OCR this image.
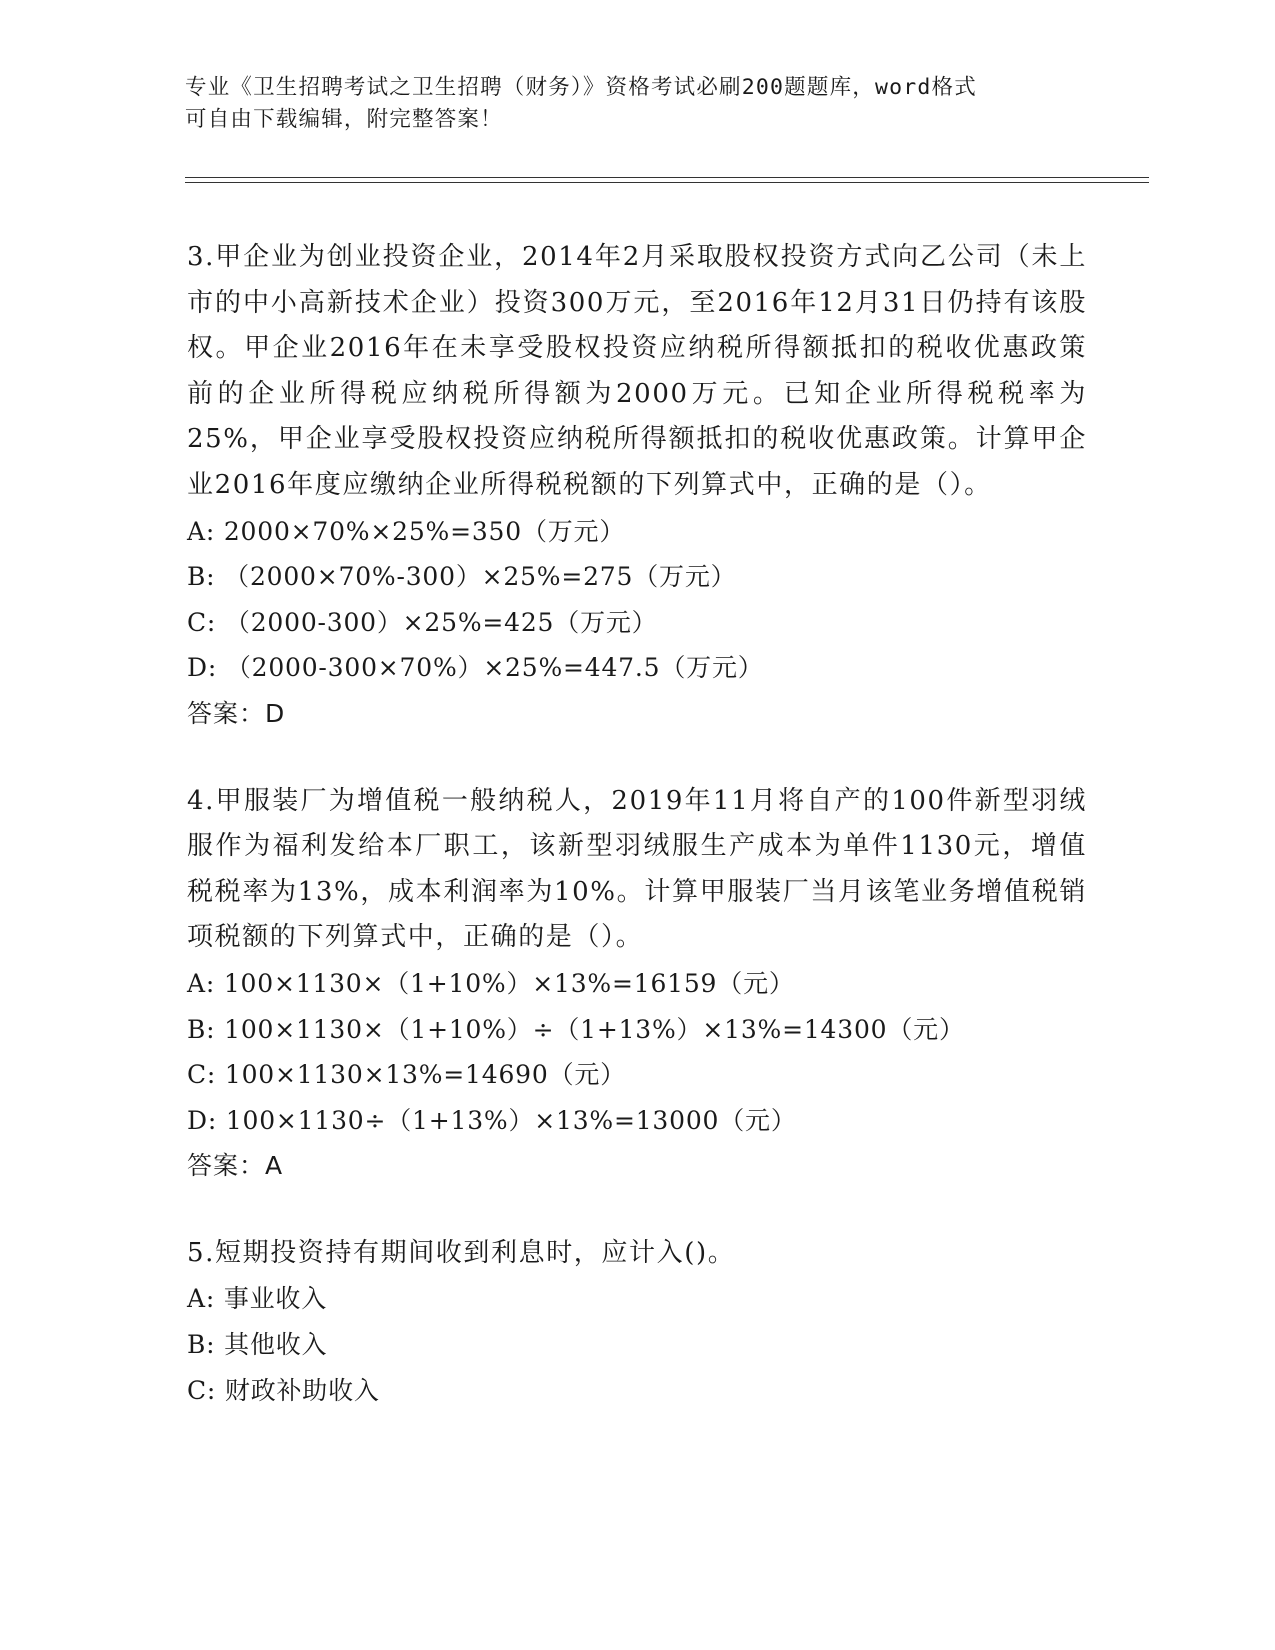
专业《卫生招聘考试之卫生招聘（财务）》资格考试必刷200题题库，word格式
可自由下载编辑，附完整答案！
3.甲企业为创业投资企业，2014年2月采取股权投资方式向乙公司（未上市的中小高新技术企业）投资300万元，至2016年12月31日仍持有该股权。甲企业2016年在未享受股权投资应纳税所得额抵扣的税收优惠政策前的企业所得税应纳税所得额为2000万元。已知企业所得税税率为25%，甲企业享受股权投资应纳税所得额抵扣的税收优惠政策。计算甲企业2016年度应缴纳企业所得税税额的下列算式中，正确的是（）。
A: 2000×70%×25%=350（万元）
B: （2000×70%-300）×25%=275（万元）
C: （2000-300）×25%=425（万元）
D: （2000-300×70%）×25%=447.5（万元）
答案：D
4.甲服装厂为增值税一般纳税人，2019年11月将自产的100件新型羽绒服作为福利发给本厂职工，该新型羽绒服生产成本为单件1130元，增值税税率为13%，成本利润率为10%。计算甲服装厂当月该笔业务增值税销项税额的下列算式中，正确的是（）。
A: 100×1130×（1+10%）×13%=16159（元）
B: 100×1130×（1+10%）÷（1+13%）×13%=14300（元）
C: 100×1130×13%=14690（元）
D: 100×1130÷（1+13%）×13%=13000（元）
答案：A
5.短期投资持有期间收到利息时，应计入()。
A: 事业收入
B: 其他收入
C: 财政补助收入
